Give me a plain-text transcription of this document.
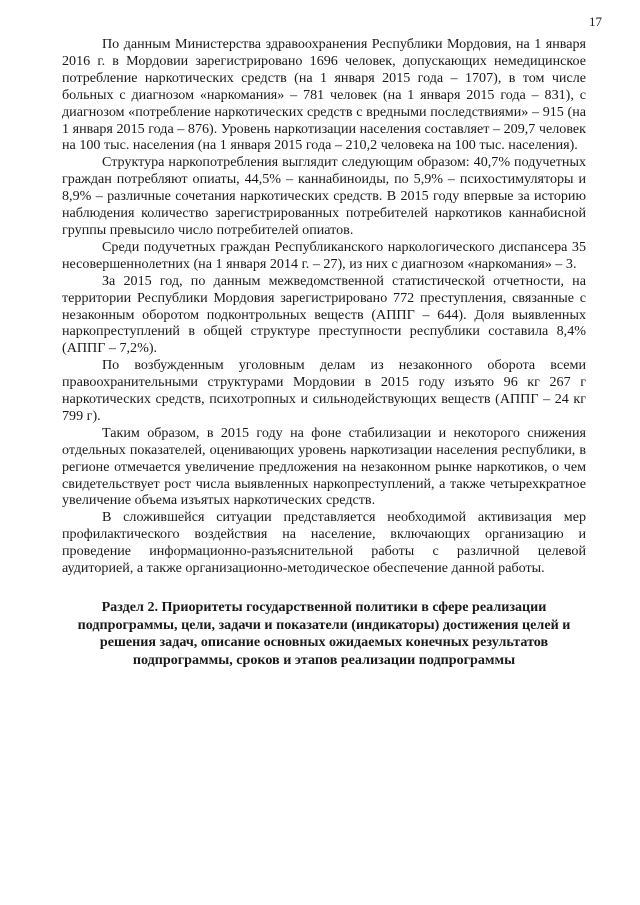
17

По данным Министерства здравоохранения Республики Мордовия, на 1 января 2016 г. в Мордовии зарегистрировано 1696 человек, допускающих немедицинское потребление наркотических средств (на 1 января 2015 года – 1707), в том числе больных с диагнозом «наркомания» – 781 человек (на 1 января 2015 года – 831), с диагнозом «потребление наркотических средств с вредными последствиями» – 915 (на 1 января 2015 года – 876). Уровень наркотизации населения составляет – 209,7 человек на 100 тыс. населения (на 1 января 2015 года – 210,2 человека на 100 тыс. населения).

Структура наркопотребления выглядит следующим образом: 40,7% подучетных граждан потребляют опиаты, 44,5% – каннабиноиды, по 5,9% – психостимуляторы и 8,9% – различные сочетания наркотических средств. В 2015 году впервые за историю наблюдения количество зарегистрированных потребителей наркотиков каннабисной группы превысило число потребителей опиатов.

Среди подучетных граждан Республиканского наркологического диспансера 35 несовершеннолетних (на 1 января 2014 г. – 27), из них с диагнозом «наркомания» – 3.

За 2015 год, по данным межведомственной статистической отчетности, на территории Республики Мордовия зарегистрировано 772 преступления, связанные с незаконным оборотом подконтрольных веществ (АППГ – 644). Доля выявленных наркопреступлений в общей структуре преступности республики составила 8,4% (АППГ – 7,2%).

По возбужденным уголовным делам из незаконного оборота всеми правоохранительными структурами Мордовии в 2015 году изъято 96 кг 267 г наркотических средств, психотропных и сильнодействующих веществ (АППГ – 24 кг 799 г).

Таким образом, в 2015 году на фоне стабилизации и некоторого снижения отдельных показателей, оценивающих уровень наркотизации населения республики, в регионе отмечается увеличение предложения на незаконном рынке наркотиков, о чем свидетельствует рост числа выявленных наркопреступлений, а также четырехкратное увеличение объема изъятых наркотических средств.

В сложившейся ситуации представляется необходимой активизация мер профилактического воздействия на население, включающих организацию и проведение информационно-разъяснительной работы с различной целевой аудиторией, а также организационно-методическое обеспечение данной работы.

Раздел 2. Приоритеты государственной политики в сфере реализации подпрограммы, цели, задачи и показатели (индикаторы) достижения целей и решения задач, описание основных ожидаемых конечных результатов подпрограммы, сроков и этапов реализации подпрограммы
